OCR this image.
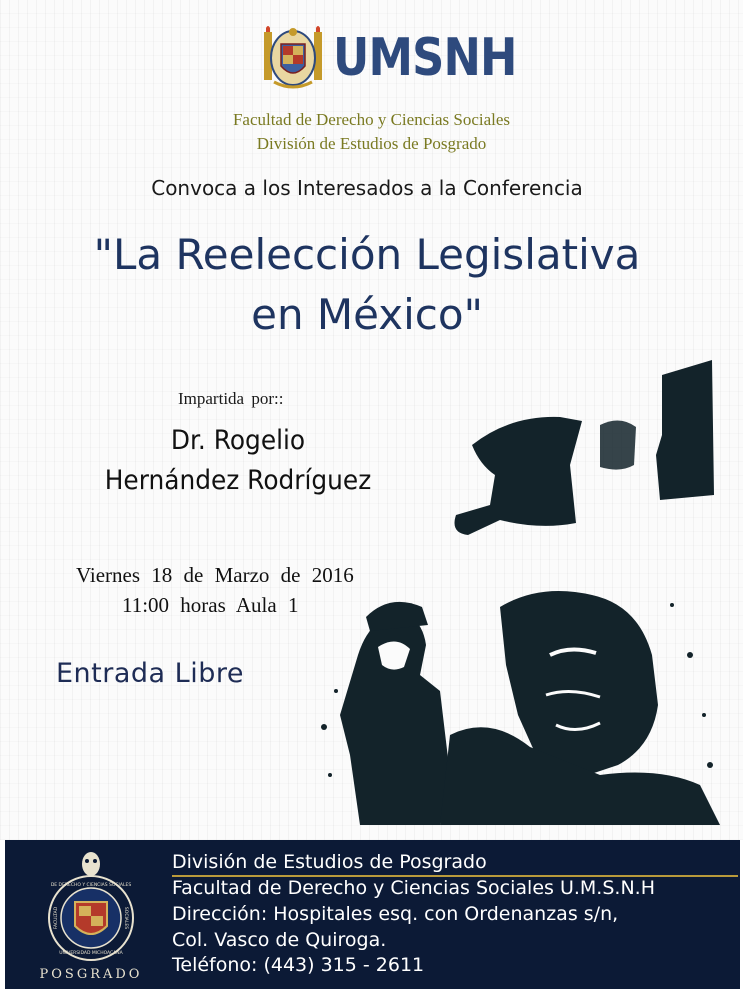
UMSNH
Facultad de Derecho y Ciencias Sociales
División de Estudios de Posgrado
Convoca a los Interesados a la Conferencia
"La Reelección Legislativa
en México"
Impartida por::
Dr. Rogelio
Hernández Rodríguez
Viernes 18 de Marzo de 2016
11:00 horas Aula 1
Entrada Libre
DE DERECHO Y CIENCIAS SOCIALES
UNIVERSIDAD MICHOACANA
FACULTAD	SOCIALES
POSGRADO
División de Estudios de Posgrado
Facultad de Derecho y Ciencias Sociales U.M.S.N.H
Dirección: Hospitales esq. con Ordenanzas s/n,
Col. Vasco de Quiroga.
Teléfono: (443) 315 - 2611
